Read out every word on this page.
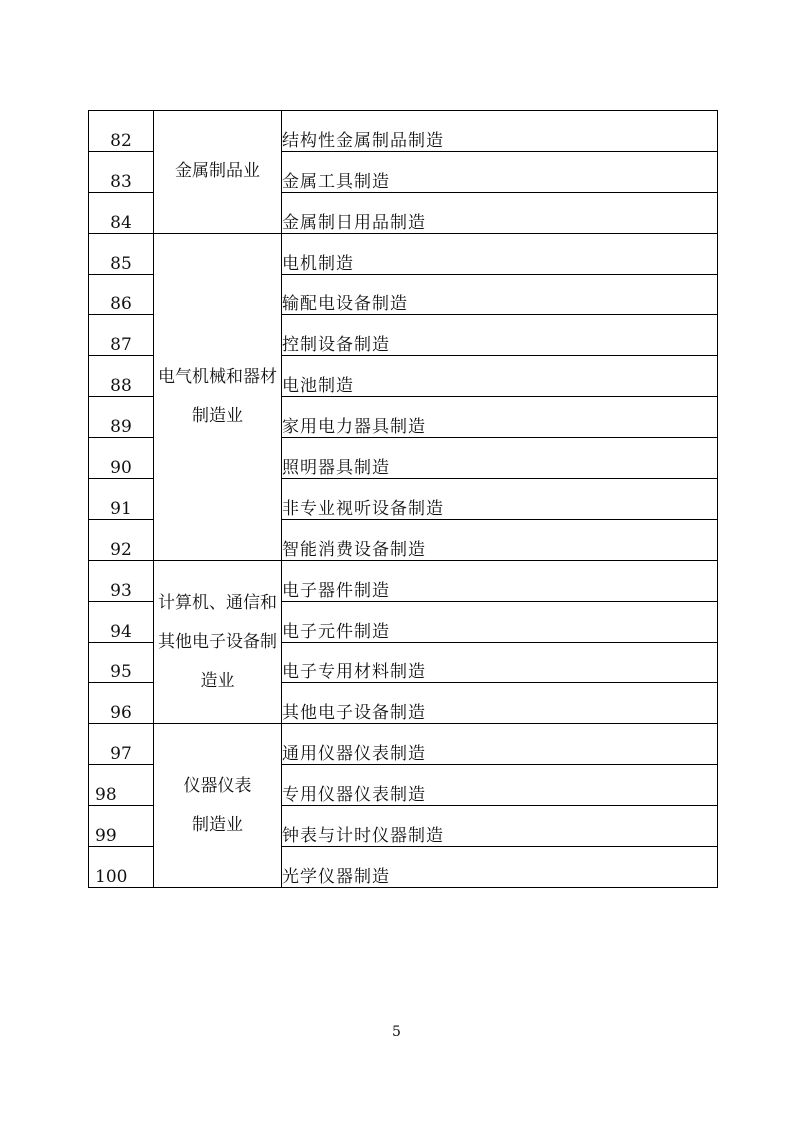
82	金属制品业	结构性金属制品制造
83		金属工具制造
84		金属制日用品制造
85	电气机械和器材制造业	电机制造
86		输配电设备制造
87		控制设备制造
88		电池制造
89		家用电力器具制造
90		照明器具制造
91		非专业视听设备制造
92		智能消费设备制造
93	计算机、通信和其他电子设备制造业	电子器件制造
94		电子元件制造
95		电子专用材料制造
96		其他电子设备制造
97	仪器仪表制造业	通用仪器仪表制造
98		专用仪器仪表制造
99		钟表与计时仪器制造
100		光学仪器制造
5
